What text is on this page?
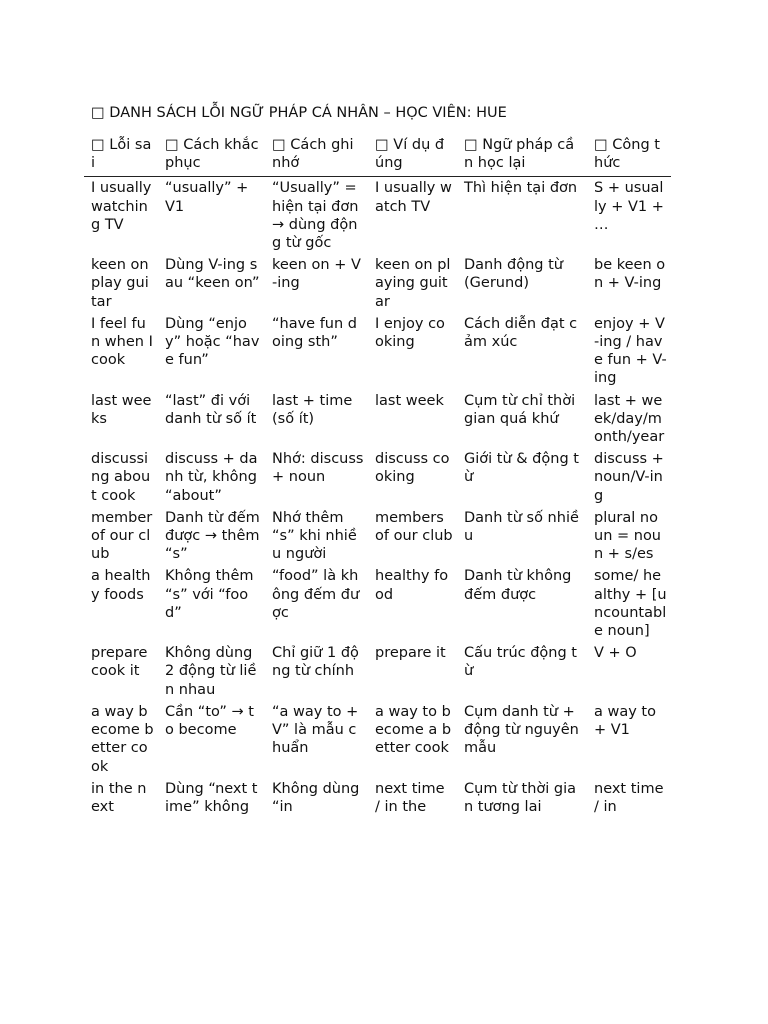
□ DANH SÁCH LỖI NGỮ PHÁP CÁ NHÂN – HỌC VIÊN: HUE
□ Lỗi sai	□ Cách khắc phục	□ Cách ghi nhớ	□ Ví dụ đúng	□ Ngữ pháp cần học lại	□ Công thức
I usually watching TV	“usually” + V1	“Usually” = hiện tại đơn → dùng động từ gốc	I usually watch TV	Thì hiện tại đơn	S + usually + V1 + …
keen on play guitar	Dùng V-ing sau “keen on”	keen on + V-ing	keen on playing guitar	Danh động từ (Gerund)	be keen on + V-ing
I feel fun when I cook	Dùng “enjoy” hoặc “have fun”	“have fun doing sth”	I enjoy cooking	Cách diễn đạt cảm xúc	enjoy + V-ing / have fun + V-ing
last weeks	“last” đi với danh từ số ít	last + time (số ít)	last week	Cụm từ chỉ thời gian quá khứ	last + week/day/month/year
discussing about cook	discuss + danh từ, không “about”	Nhớ: discuss + noun	discuss cooking	Giới từ & động từ	discuss + noun/V-ing
member of our club	Danh từ đếm được → thêm “s”	Nhớ thêm “s” khi nhiều người	members of our club	Danh từ số nhiều	plural noun = noun + s/es
a healthy foods	Không thêm “s” với “food”	“food” là không đếm được	healthy food	Danh từ không đếm được	some/ healthy + [uncountable noun]
prepare cook it	Không dùng 2 động từ liền nhau	Chỉ giữ 1 động từ chính	prepare it	Cấu trúc động từ	V + O
a way become better cook	Cần “to” → to become	“a way to + V” là mẫu chuẩn	a way to become a better cook	Cụm danh từ + động từ nguyên mẫu	a way to + V1
in the next	Dùng “next time” không	Không dùng “in	next time / in the	Cụm từ thời gian tương lai	next time / in
